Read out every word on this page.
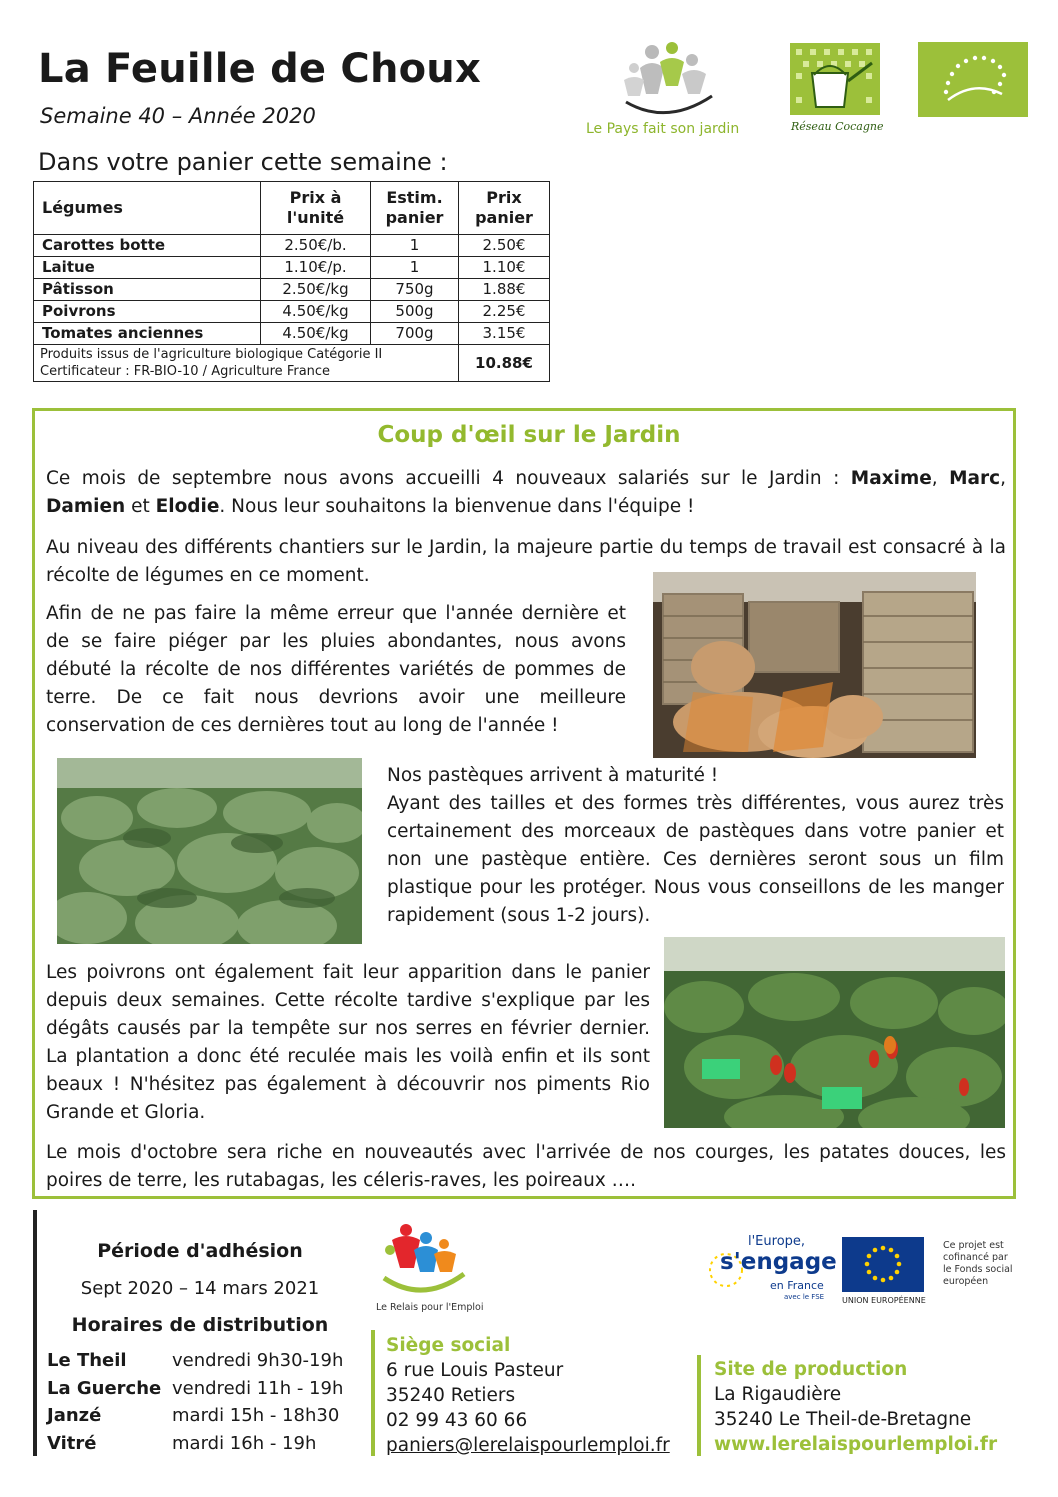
La Feuille de Choux
Semaine 40 – Année 2020
Dans votre panier cette semaine :
Le Pays fait son jardin	Réseau Cocagne
Légumes	Prix à l'unité	Estim. panier	Prix panier
Carottes botte	2.50€/b.	1	2.50€
Laitue	1.10€/p.	1	1.10€
Pâtisson	2.50€/kg	750g	1.88€
Poivrons	4.50€/kg	500g	2.25€
Tomates anciennes	4.50€/kg	700g	3.15€

Produits issus de l'agriculture biologique Catégorie II
Certificateur : FR-BIO-10 / Agriculture France			10.88€
Coup d'œil sur le Jardin
Ce mois de septembre nous avons accueilli 4 nouveaux salariés sur le Jardin : Maxime, Marc, Damien et Elodie. Nous leur souhaitons la bienvenue dans l'équipe !
Au niveau des différents chantiers sur le Jardin, la majeure partie du temps de travail est consacré à la récolte de légumes en ce moment.
Afin de ne pas faire la même erreur que l'année dernière et de se faire piéger par les pluies abondantes, nous avons débuté la récolte de nos différentes variétés de pommes de terre. De ce fait nous devrions avoir une meilleure conservation de ces dernières tout au long de l'année !
Nos pastèques arrivent à maturité !
Ayant des tailles et des formes très différentes, vous aurez très certainement des morceaux de pastèques dans votre panier et non une pastèque entière. Ces dernières seront sous un film plastique pour les protéger. Nous vous conseillons de les manger rapidement (sous 1-2 jours).
Les poivrons ont également fait leur apparition dans le panier depuis deux semaines. Cette récolte tardive s'explique par les dégâts causés par la tempête sur nos serres en février dernier. La plantation a donc été reculée mais les voilà enfin et ils sont beaux ! N'hésitez pas également à découvrir nos piments Rio Grande et Gloria.
Le mois d'octobre sera riche en nouveautés avec l'arrivée de nos courges, les patates douces, les poires de terre, les rutabagas, les céleris-raves, les poireaux ….
Période d'adhésion
Sept 2020 – 14 mars 2021
Horaires de distribution
Le Theil	vendredi 9h30-19h
La Guerche vendredi 11h - 19h
Janzé	mardi 15h - 18h30
Vitré	mardi 16h - 19h
Le Relais pour l'Emploi
l'Europe,
s'engage
en France
avec le FSE UNION EUROPÉENNE
Ce projet est cofinancé par le Fonds social européen
Siège social
6 rue Louis Pasteur
35240 Retiers
02 99 43 60 66
paniers@lerelaispourlemploi.fr
Site de production
La Rigaudière
35240 Le Theil-de-Bretagne
www.lerelaispourlemploi.fr
